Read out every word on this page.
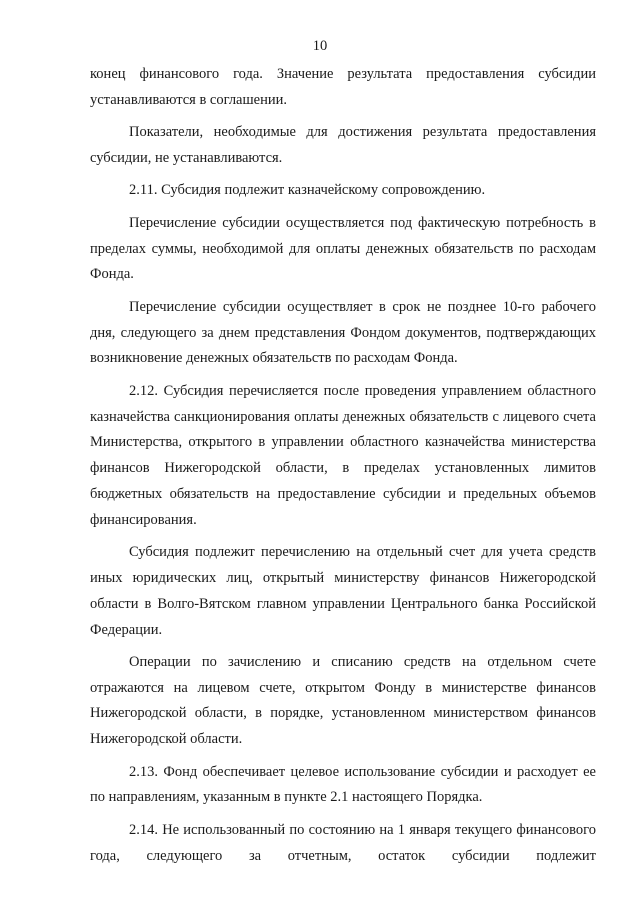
10

конец финансового года. Значение результата предоставления субсидии устанавливаются в соглашении.

Показатели, необходимые для достижения результата предоставления субсидии, не устанавливаются.

2.11. Субсидия подлежит казначейскому сопровождению.

Перечисление субсидии осуществляется под фактическую потребность в пределах суммы, необходимой для оплаты денежных обязательств по расходам Фонда.

Перечисление субсидии осуществляет в срок не позднее 10-го рабочего дня, следующего за днем представления Фондом документов, подтверждающих возникновение денежных обязательств по расходам Фонда.

2.12. Субсидия перечисляется после проведения управлением областного казначейства санкционирования оплаты денежных обязательств с лицевого счета Министерства, открытого в управлении областного казначейства министерства финансов Нижегородской области, в пределах установленных лимитов бюджетных обязательств на предоставление субсидии и предельных объемов финансирования.

Субсидия подлежит перечислению на отдельный счет для учета средств иных юридических лиц, открытый министерству финансов Нижегородской области в Волго-Вятском главном управлении Центрального банка Российской Федерации.

Операции по зачислению и списанию средств на отдельном счете отражаются на лицевом счете, открытом Фонду в министерстве финансов Нижегородской области, в порядке, установленном министерством финансов Нижегородской области.

2.13. Фонд обеспечивает целевое использование субсидии и расходует ее по направлениям, указанным в пункте 2.1 настоящего Порядка.

2.14. Не использованный по состоянию на 1 января текущего финансового года, следующего за отчетным, остаток субсидии подлежит
